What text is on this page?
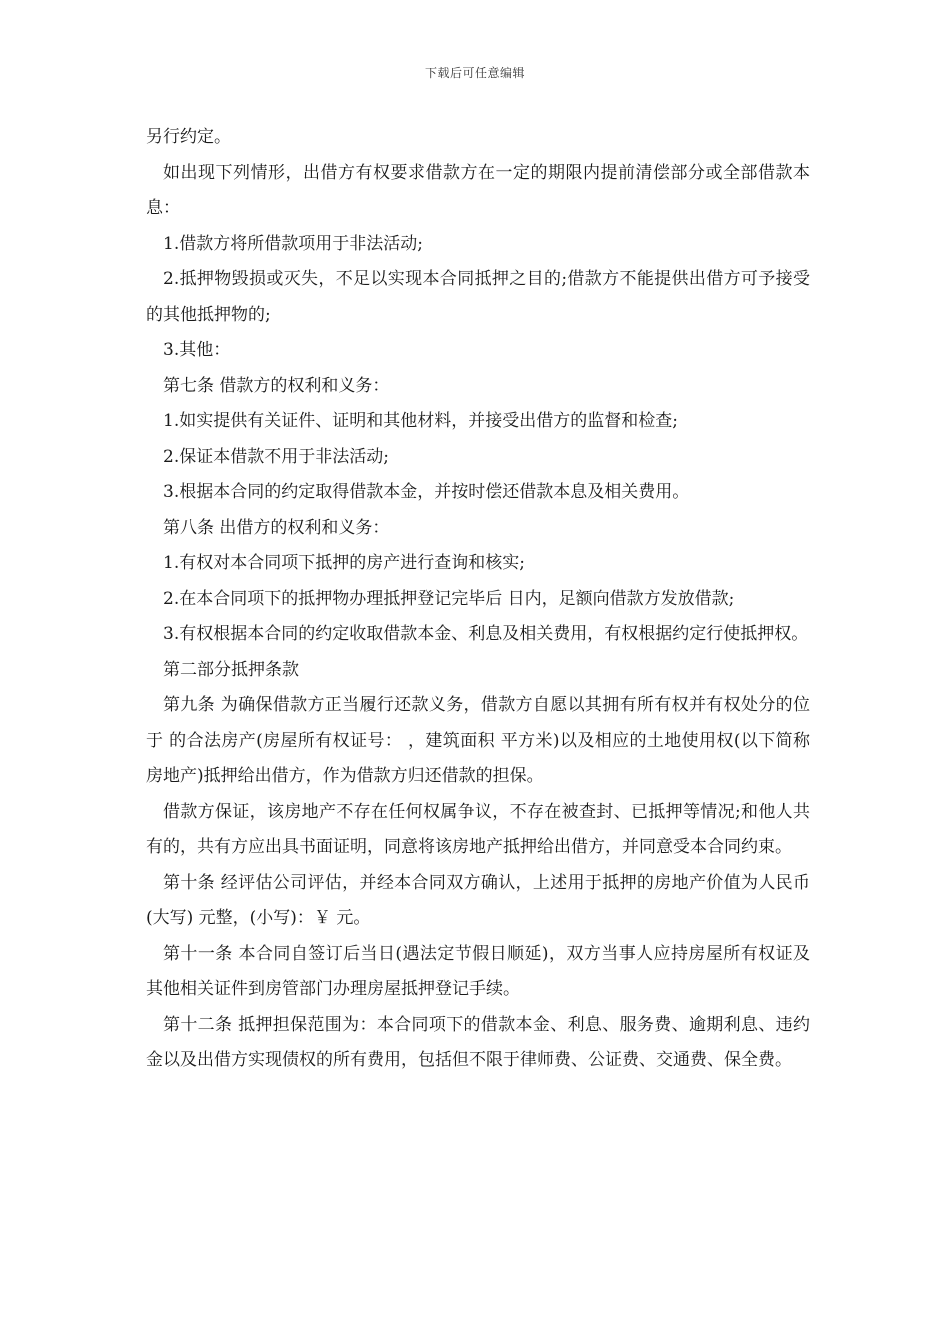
下载后可任意编辑

另行约定。

如出现下列情形，出借方有权要求借款方在一定的期限内提前清偿部分或全部借款本息：

1.借款方将所借款项用于非法活动;

2.抵押物毁损或灭失，不足以实现本合同抵押之目的;借款方不能提供出借方可予接受的其他抵押物的;

3.其他：

第七条 借款方的权利和义务：

1.如实提供有关证件、证明和其他材料，并接受出借方的监督和检查;

2.保证本借款不用于非法活动;

3.根据本合同的约定取得借款本金，并按时偿还借款本息及相关费用。

第八条 出借方的权利和义务：

1.有权对本合同项下抵押的房产进行查询和核实;

2.在本合同项下的抵押物办理抵押登记完毕后 日内，足额向借款方发放借款;

3.有权根据本合同的约定收取借款本金、利息及相关费用，有权根据约定行使抵押权。

第二部分抵押条款

第九条 为确保借款方正当履行还款义务，借款方自愿以其拥有所有权并有权处分的位于 的合法房产(房屋所有权证号： ，建筑面积 平方米)以及相应的土地使用权(以下简称房地产)抵押给出借方，作为借款方归还借款的担保。

借款方保证，该房地产不存在任何权属争议，不存在被查封、已抵押等情况;和他人共有的，共有方应出具书面证明，同意将该房地产抵押给出借方，并同意受本合同约束。

第十条 经评估公司评估，并经本合同双方确认，上述用于抵押的房地产价值为人民币(大写) 元整，(小写)：￥ 元。

第十一条 本合同自签订后当日(遇法定节假日顺延)，双方当事人应持房屋所有权证及其他相关证件到房管部门办理房屋抵押登记手续。

第十二条 抵押担保范围为：本合同项下的借款本金、利息、服务费、逾期利息、违约金以及出借方实现债权的所有费用，包括但不限于律师费、公证费、交通费、保全费。
